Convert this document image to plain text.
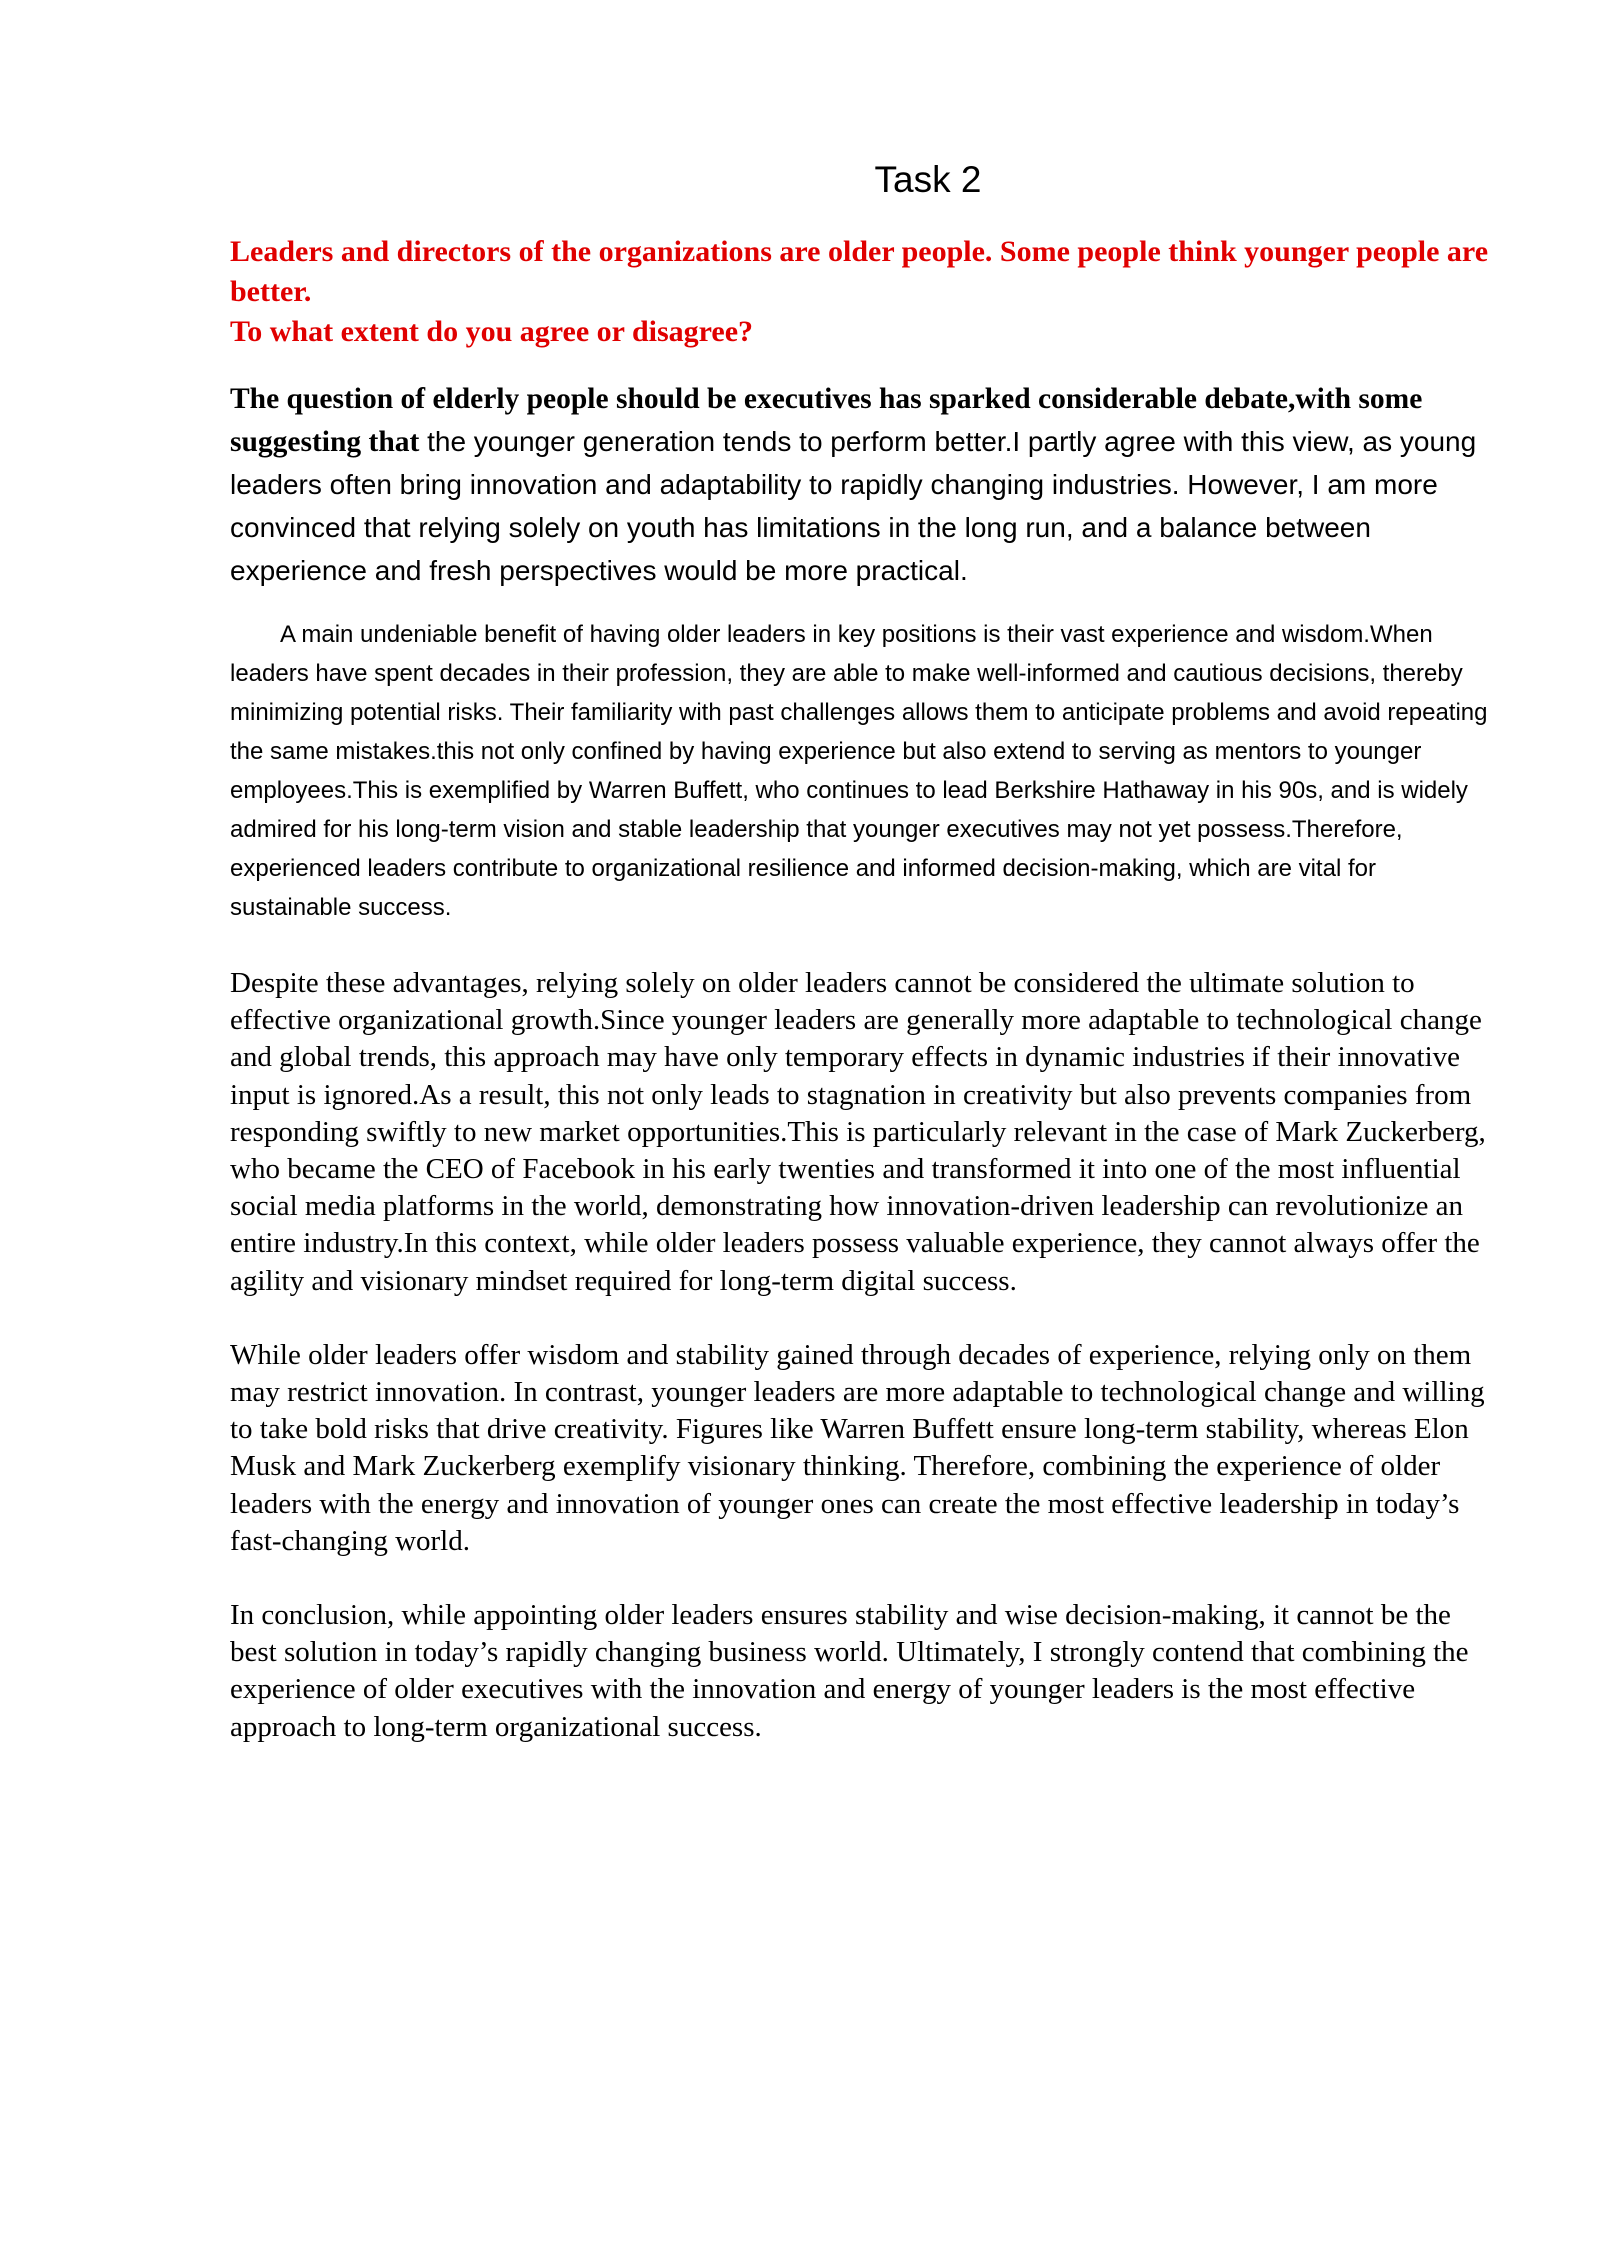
Task 2
Leaders and directors of the organizations are older people. Some people think younger people are better.
To what extent do you agree or disagree?

The question of elderly people should be executives has sparked considerable debate,with some suggesting that the younger generation tends to perform better.I partly agree with this view, as young leaders often bring innovation and adaptability to rapidly changing industries. However, I am more convinced that relying solely on youth has limitations in the long run, and a balance between experience and fresh perspectives would be more practical.

A main undeniable benefit of having older leaders in key positions is their vast experience and wisdom.When leaders have spent decades in their profession, they are able to make well-informed and cautious decisions, thereby minimizing potential risks. Their familiarity with past challenges allows them to anticipate problems and avoid repeating the same mistakes.this not only confined by having experience but also extend to serving as mentors to younger employees.This is exemplified by Warren Buffett, who continues to lead Berkshire Hathaway in his 90s, and is widely admired for his long-term vision and stable leadership that younger executives may not yet possess.Therefore, experienced leaders contribute to organizational resilience and informed decision-making, which are vital for sustainable success.

Despite these advantages, relying solely on older leaders cannot be considered the ultimate solution to effective organizational growth.Since younger leaders are generally more adaptable to technological change and global trends, this approach may have only temporary effects in dynamic industries if their innovative input is ignored.As a result, this not only leads to stagnation in creativity but also prevents companies from responding swiftly to new market opportunities.This is particularly relevant in the case of Mark Zuckerberg, who became the CEO of Facebook in his early twenties and transformed it into one of the most influential social media platforms in the world, demonstrating how innovation-driven leadership can revolutionize an entire industry.In this context, while older leaders possess valuable experience, they cannot always offer the agility and visionary mindset required for long-term digital success.

While older leaders offer wisdom and stability gained through decades of experience, relying only on them may restrict innovation. In contrast, younger leaders are more adaptable to technological change and willing to take bold risks that drive creativity. Figures like Warren Buffett ensure long-term stability, whereas Elon Musk and Mark Zuckerberg exemplify visionary thinking. Therefore, combining the experience of older leaders with the energy and innovation of younger ones can create the most effective leadership in today’s fast-changing world.

In conclusion, while appointing older leaders ensures stability and wise decision-making, it cannot be the best solution in today’s rapidly changing business world. Ultimately, I strongly contend that combining the experience of older executives with the innovation and energy of younger leaders is the most effective approach to long-term organizational success.
